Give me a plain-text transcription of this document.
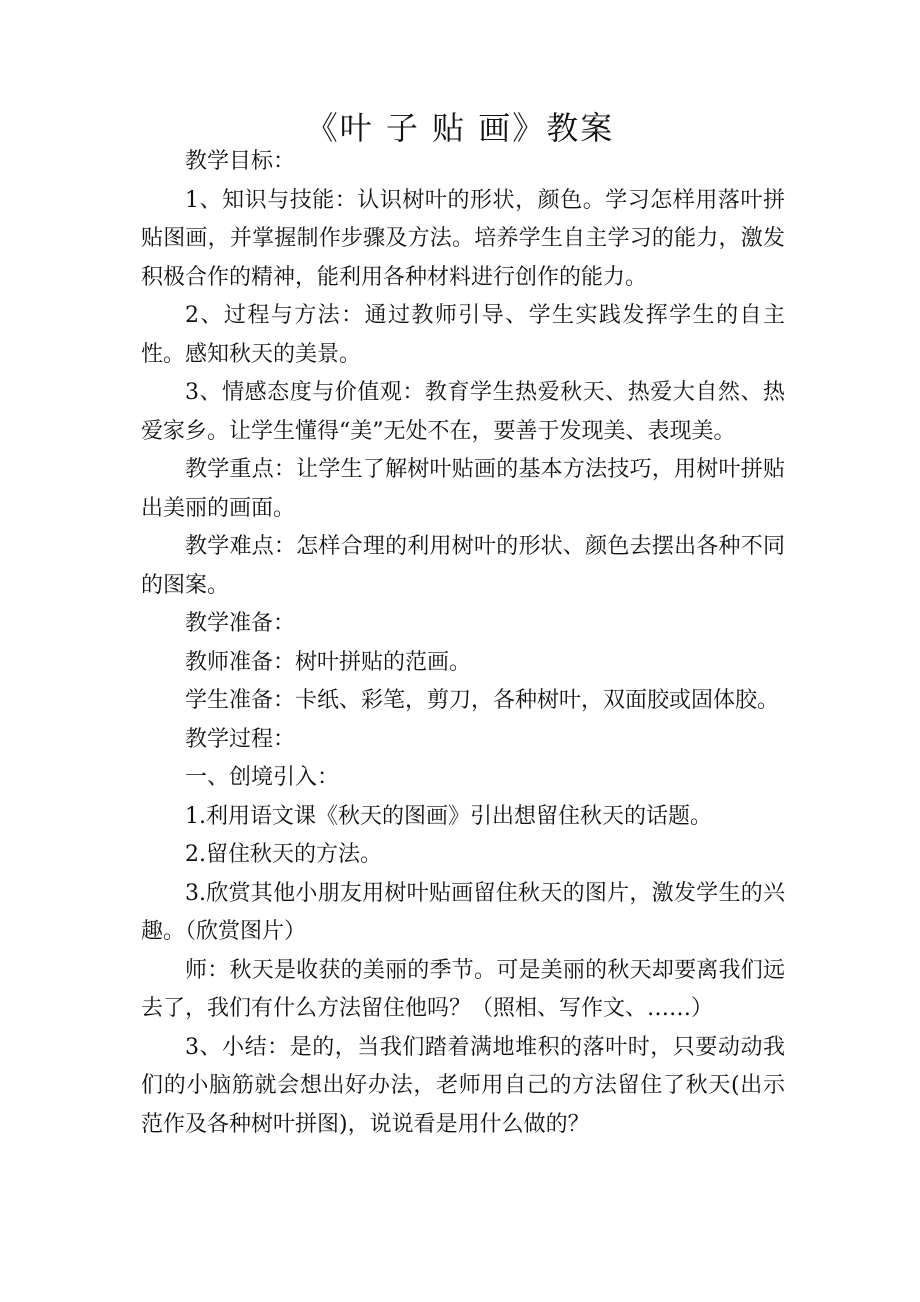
《叶 子 贴 画》教案

教学目标：

1、知识与技能：认识树叶的形状，颜色。学习怎样用落叶拼贴图画，并掌握制作步骤及方法。培养学生自主学习的能力，激发积极合作的精神，能利用各种材料进行创作的能力。

2、过程与方法：通过教师引导、学生实践发挥学生的自主性。感知秋天的美景。

3、情感态度与价值观：教育学生热爱秋天、热爱大自然、热爱家乡。让学生懂得“美”无处不在，要善于发现美、表现美。

教学重点：让学生了解树叶贴画的基本方法技巧，用树叶拼贴出美丽的画面。

教学难点：怎样合理的利用树叶的形状、颜色去摆出各种不同的图案。

教学准备：

教师准备：树叶拼贴的范画。

学生准备：卡纸、彩笔，剪刀，各种树叶，双面胶或固体胶。

教学过程：

一、创境引入：

1.利用语文课《秋天的图画》引出想留住秋天的话题。

2.留住秋天的方法。

3.欣赏其他小朋友用树叶贴画留住秋天的图片，激发学生的兴趣。（欣赏图片）

师：秋天是收获的美丽的季节。可是美丽的秋天却要离我们远去了，我们有什么方法留住他吗？（照相、写作文、……）

3、小结：是的，当我们踏着满地堆积的落叶时，只要动动我们的小脑筋就会想出好办法，老师用自己的方法留住了秋天(出示范作及各种树叶拼图)，说说看是用什么做的？
